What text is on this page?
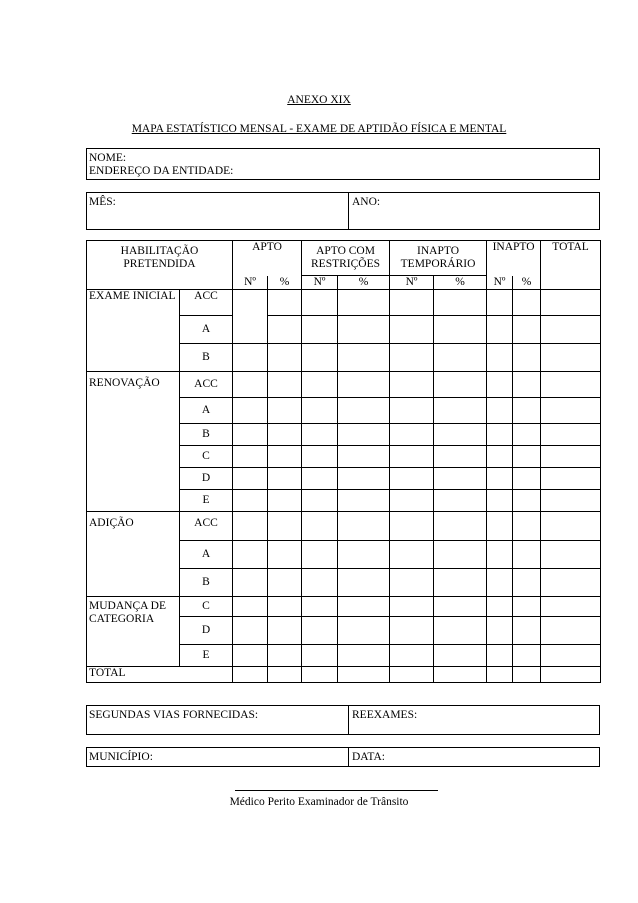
ANEXO XIX
MAPA ESTATÍSTICO MENSAL - EXAME DE APTIDÃO FÍSICA E MENTAL
NOME:
ENDEREÇO DA ENTIDADE:
MÊS:	ANO:
HABILITAÇÃO PRETENDIDA		APTO		APTO COM RESTRIÇÕES		INAPTO TEMPORÁRIO		INAPTO		TOTAL
		Nº	%	Nº	%	Nº	%	Nº	%	
EXAME INICIAL	ACC									
	A									
	B									
RENOVAÇÃO	ACC									
	A									
	B									
	C									
	D									
	E									
ADIÇÃO	ACC									
	A									
	B									
MUDANÇA DE CATEGORIA	C									
	D									
	E									
TOTAL										
SEGUNDAS VIAS FORNECIDAS:	REEXAMES:
MUNICÍPIO:	DATA:
Médico Perito Examinador de Trânsito
